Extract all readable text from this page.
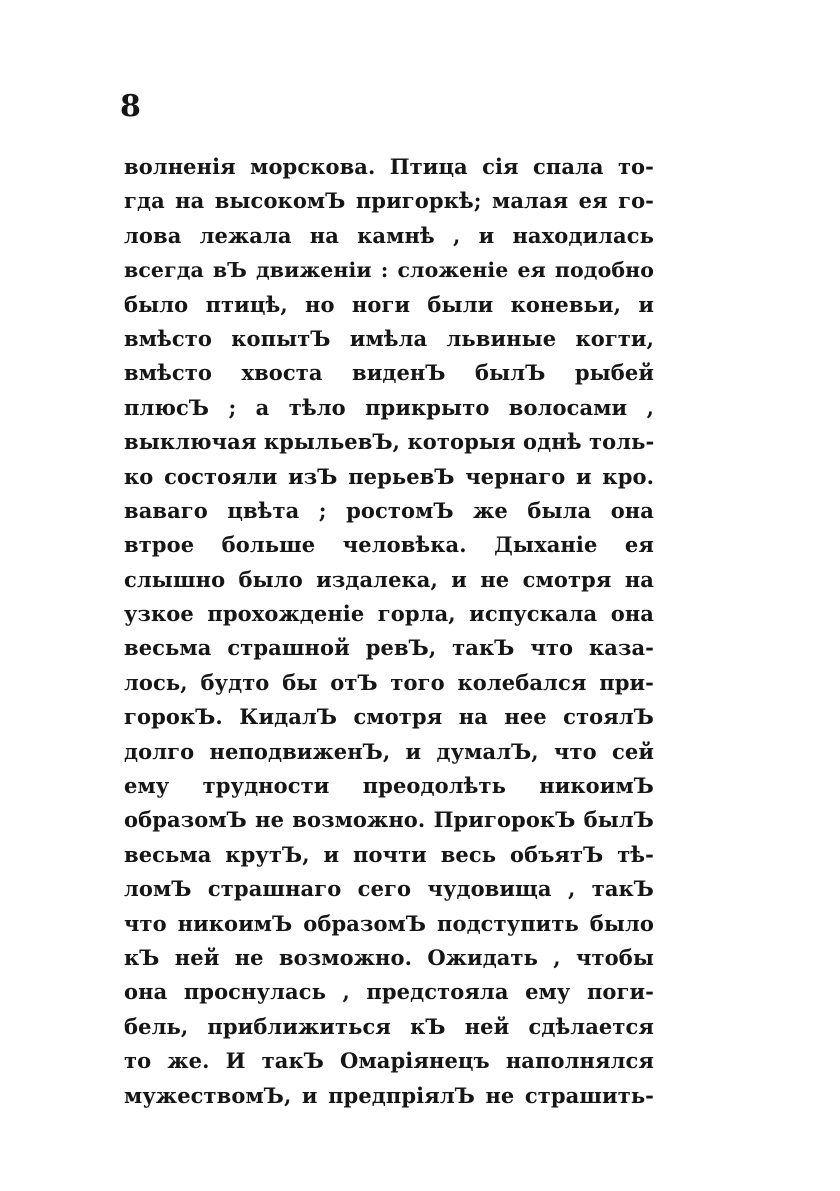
8
волненія морскова. Птица сія спала то-
гда на высокомЪ пригоркѣ; малая ея го-
лова лежала на камнѣ , и находилась
всегда вЪ движеніи : сложеніе ея подобно
было птицѣ, но ноги были коневьи, и
вмѣсто копытЪ имѣла львиные когти,
вмѣсто хвоста виденЪ былЪ рыбей
плюсЪ ; а тѣло прикрыто волосами ,
выключая крыльевЪ, которыя однѣ толь-
ко состояли изЪ перьевЪ чернаго и кро.
ваваго цвѣта ; ростомЪ же была она
втрое больше человѣка. Дыханіе ея
слышно было издалека, и не смотря на
узкое прохожденіе горла, испускала она
весьма страшной ревЪ, такЪ что каза-
лось, будто бы отЪ того колебался при-
горокЪ. КидалЪ смотря на нее стоялЪ
долго неподвиженЪ, и думалЪ, что сей
ему трудности преодолѣть никоимЪ
образомЪ не возможно. ПригорокЪ былЪ
весьма крутЪ, и почти весь объятЪ тѣ-
ломЪ страшнаго сего чудовища , такЪ
что никоимЪ образомЪ подступить было
кЪ ней не возможно. Ожидать , чтобы
она проснулась , предстояла ему поги-
бель, приближиться кЪ ней сдѣлается
то же. И такЪ Омаріянецъ наполнялся
мужествомЪ, и предпріялЪ не страшить-
